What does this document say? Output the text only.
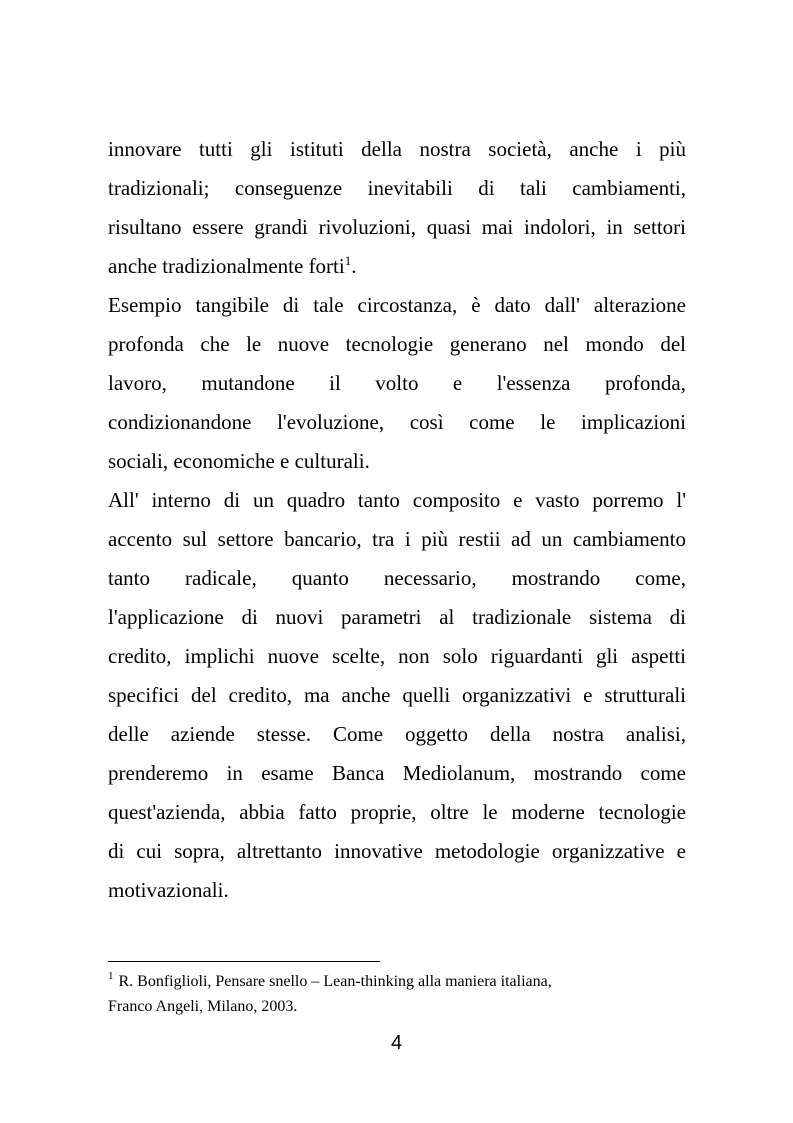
innovare tutti gli istituti della nostra società, anche i più
tradizionali; conseguenze inevitabili di tali cambiamenti,
risultano essere grandi rivoluzioni, quasi mai indolori, in settori
anche tradizionalmente forti$^1$.
Esempio tangibile di tale circostanza, è dato dall' alterazione
profonda che le nuove tecnologie generano nel mondo del
lavoro, mutandone il volto e l'essenza profonda,
condizionandone l'evoluzione, così come le implicazioni
sociali, economiche e culturali.
All' interno di un quadro tanto composito e vasto porremo l'
accento sul settore bancario, tra i più restii ad un cambiamento
tanto radicale, quanto necessario, mostrando come,
l'applicazione di nuovi parametri al tradizionale sistema di
credito, implichi nuove scelte, non solo riguardanti gli aspetti
specifici del credito, ma anche quelli organizzativi e strutturali
delle aziende stesse. Come oggetto della nostra analisi,
prenderemo in esame Banca Mediolanum, mostrando come
quest'azienda, abbia fatto proprie, oltre le moderne tecnologie
di cui sopra, altrettanto innovative metodologie organizzative e
motivazionali.
$^1$ R. Bonfiglioli, Pensare snello – Lean-thinking alla maniera italiana,
Franco Angeli, Milano, 2003.
4
